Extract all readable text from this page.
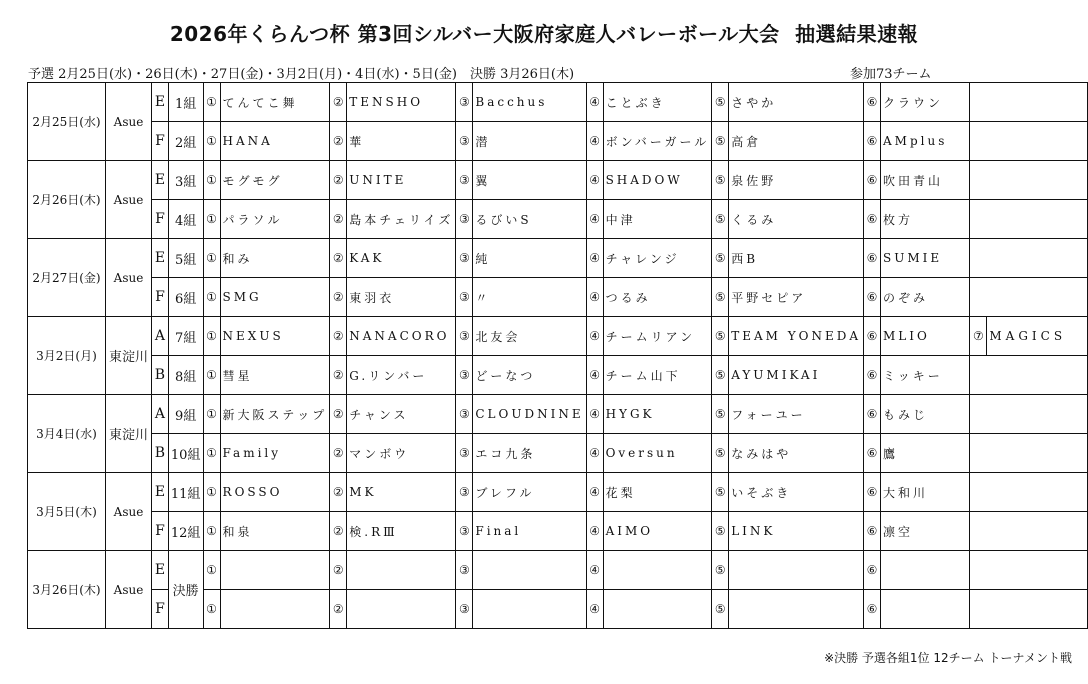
2026年くらんつ杯 第3回シルバー大阪府家庭人バレーボール大会 抽選結果速報
予選 2月25日(水)・26日(木)・27日(金)・3月2日(月)・4日(水)・5日(金)　決勝 3月26日(木)	参加73チーム
2月25日(水)	Asue	E	1組	①	てんてこ舞	②	TENSHO	③	Bacchus	④	ことぶき	⑤	さやか	⑥	クラウン		
		F	2組	①	HANA	②	華	③	潜	④	ボンバーガール	⑤	高倉	⑥	AMplus		
2月26日(木)	Asue	E	3組	①	モグモグ	②	UNITE	③	翼	④	SHADOW	⑤	泉佐野	⑥	吹田青山		
		F	4組	①	パラソル	②	島本チェリイズ	③	るびいS	④	中津	⑤	くるみ	⑥	枚方		
2月27日(金)	Asue	E	5組	①	和み	②	KAK	③	純	④	チャレンジ	⑤	西B	⑥	SUMIE		
		F	6組	①	SMG	②	東羽衣	③	〃	④	つるみ	⑤	平野セピア	⑥	のぞみ		
3月2日(月)	東淀川	A	7組	①	NEXUS	②	NANACORO	③	北友会	④	チームリアン	⑤	TEAM YONEDA	⑥	MLIO	⑦	MAGICS
		B	8組	①	彗星	②	G.リンバー	③	どーなつ	④	チーム山下	⑤	AYUMIKAI	⑥	ミッキー		
3月4日(水)	東淀川	A	9組	①	新大阪ステップ	②	チャンス	③	CLOUDNINE	④	HYGK	⑤	フォーユー	⑥	もみじ		
		B	10組	①	Family	②	マンボウ	③	エコ九条	④	Oversun	⑤	なみはや	⑥	鷹		
3月5日(木)	Asue	E	11組	①	ROSSO	②	MK	③	ブレフル	④	花梨	⑤	いそぶき	⑥	大和川		
		F	12組	①	和泉	②	検.RⅢ	③	Final	④	AIMO	⑤	LINK	⑥	凛空		
3月26日(木)	Asue	E	決勝	①		②		③		④		⑤		⑥			
		F		①		②		③		④		⑤		⑥			
※決勝 予選各組1位 12チーム トーナメント戦
